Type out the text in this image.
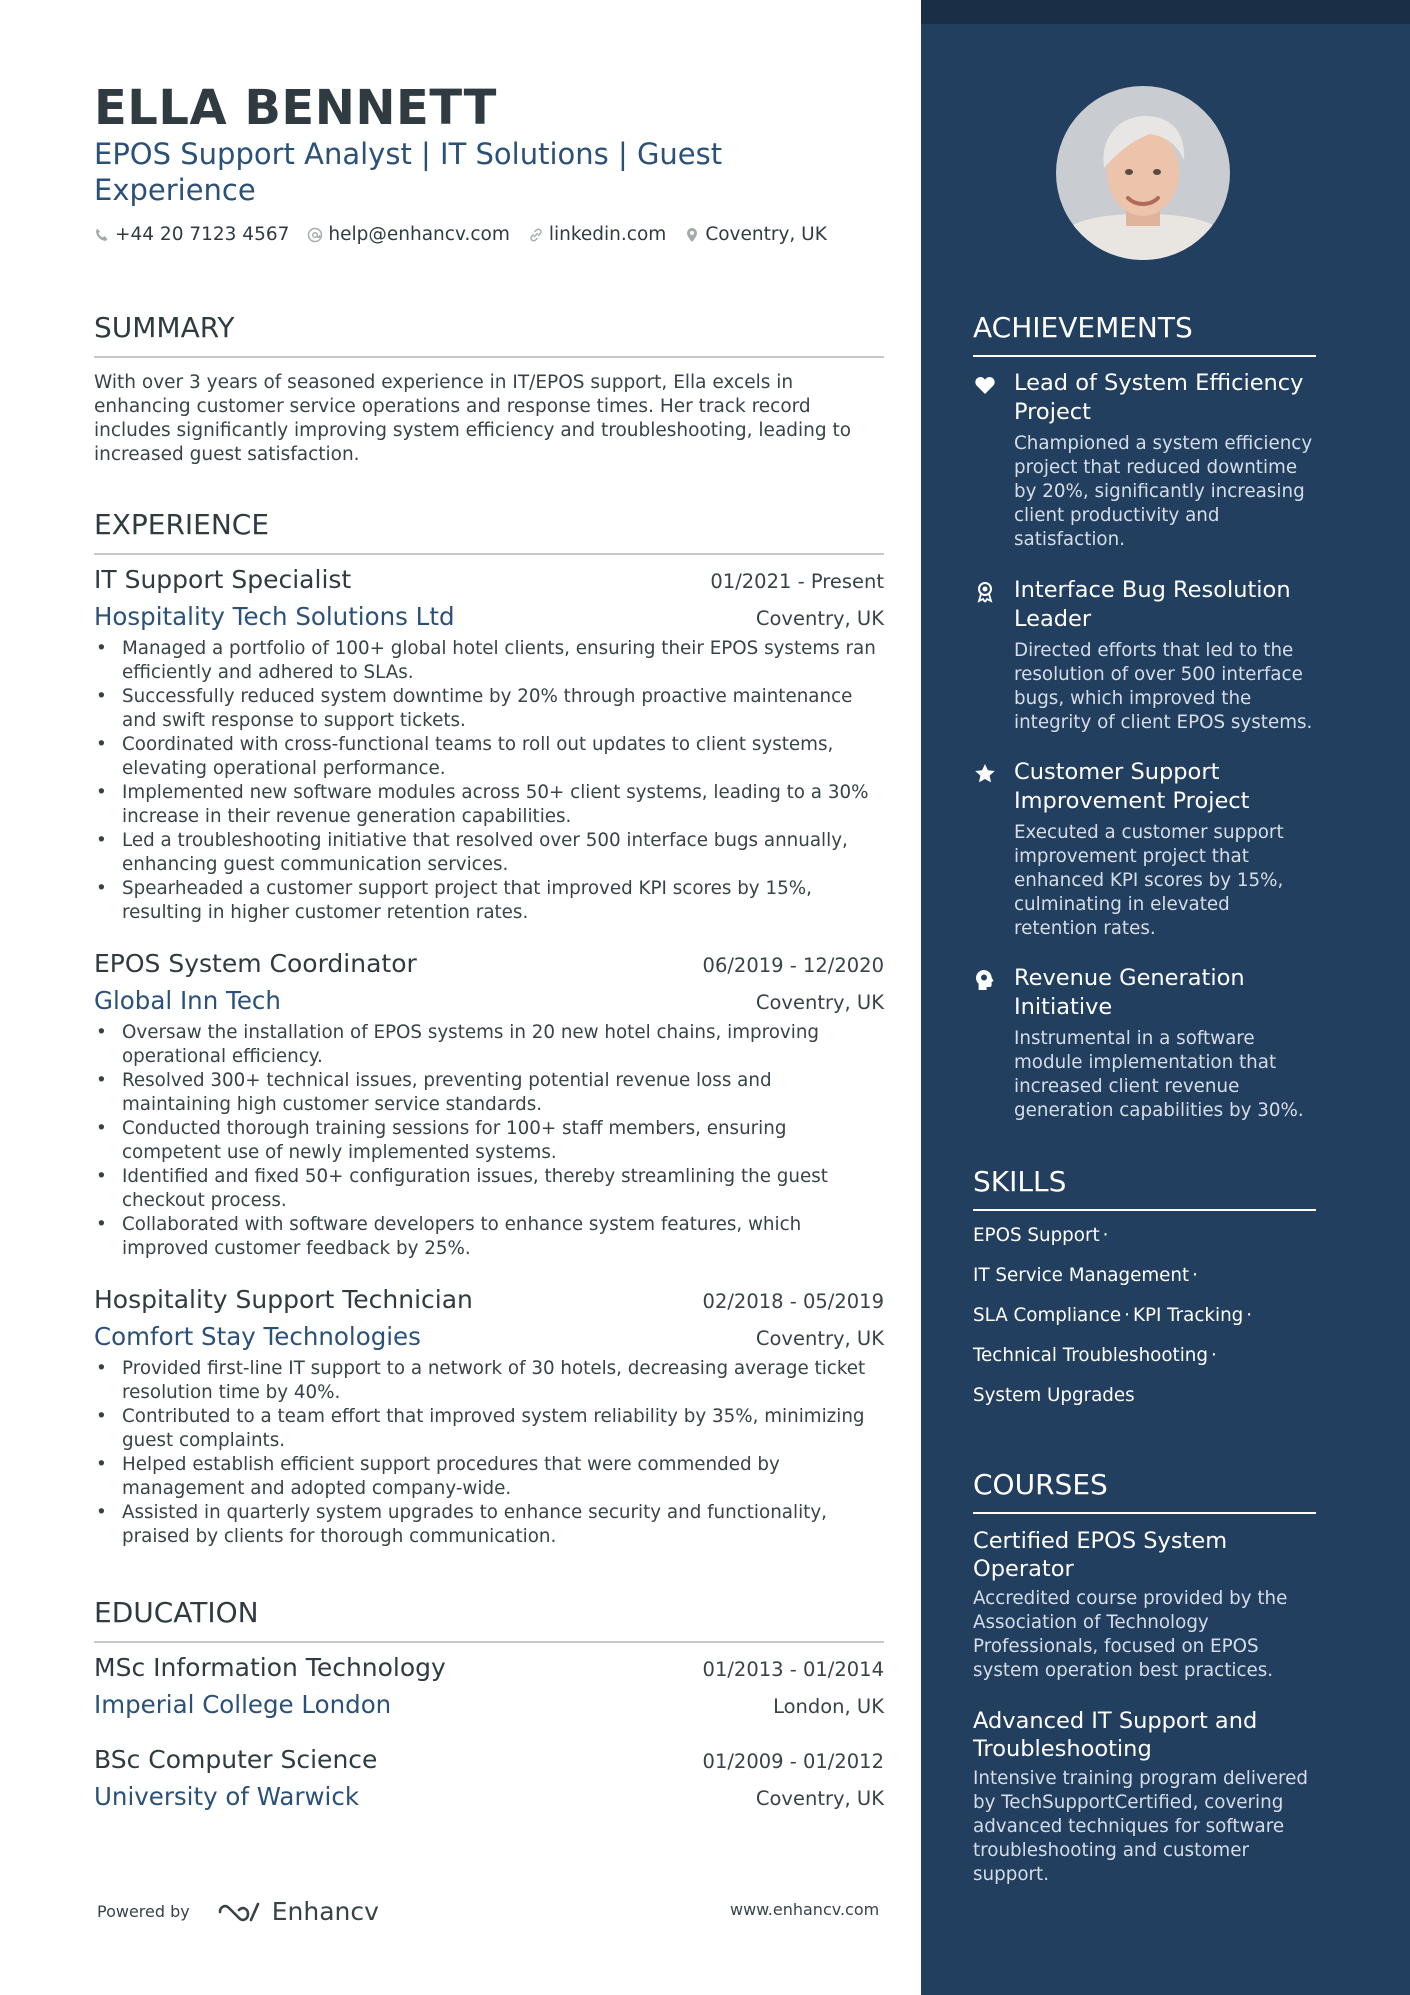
ELLA BENNETT
EPOS Support Analyst | IT Solutions | Guest Experience
+44 20 7123 4567 help@enhancv.com linkedin.com Coventry, UK
SUMMARY
With over 3 years of seasoned experience in IT/EPOS support, Ella excels in enhancing customer service operations and response times. Her track record includes significantly improving system efficiency and troubleshooting, leading to increased guest satisfaction.
EXPERIENCE
IT Support Specialist	01/2021 - Present
Hospitality Tech Solutions Ltd	Coventry, UK
• Managed a portfolio of 100+ global hotel clients, ensuring their EPOS systems ran efficiently and adhered to SLAs.
• Successfully reduced system downtime by 20% through proactive maintenance and swift response to support tickets.
• Coordinated with cross-functional teams to roll out updates to client systems, elevating operational performance.
• Implemented new software modules across 50+ client systems, leading to a 30% increase in their revenue generation capabilities.
• Led a troubleshooting initiative that resolved over 500 interface bugs annually, enhancing guest communication services.
• Spearheaded a customer support project that improved KPI scores by 15%, resulting in higher customer retention rates.
EPOS System Coordinator	06/2019 - 12/2020
Global Inn Tech	Coventry, UK
• Oversaw the installation of EPOS systems in 20 new hotel chains, improving operational efficiency.
• Resolved 300+ technical issues, preventing potential revenue loss and maintaining high customer service standards.
• Conducted thorough training sessions for 100+ staff members, ensuring competent use of newly implemented systems.
• Identified and fixed 50+ configuration issues, thereby streamlining the guest checkout process.
• Collaborated with software developers to enhance system features, which improved customer feedback by 25%.
Hospitality Support Technician	02/2018 - 05/2019
Comfort Stay Technologies	Coventry, UK
• Provided first-line IT support to a network of 30 hotels, decreasing average ticket resolution time by 40%.
• Contributed to a team effort that improved system reliability by 35%, minimizing guest complaints.
• Helped establish efficient support procedures that were commended by management and adopted company-wide.
• Assisted in quarterly system upgrades to enhance security and functionality, praised by clients for thorough communication.
EDUCATION
MSc Information Technology	01/2013 - 01/2014
Imperial College London	London, UK
BSc Computer Science	01/2009 - 01/2012
University of Warwick	Coventry, UK
Powered by	Enhancv	www.enhancv.com
ACHIEVEMENTS
Lead of System Efficiency Project
Championed a system efficiency project that reduced downtime by 20%, significantly increasing client productivity and satisfaction.
Interface Bug Resolution Leader
Directed efforts that led to the resolution of over 500 interface bugs, which improved the integrity of client EPOS systems.
Customer Support Improvement Project
Executed a customer support improvement project that enhanced KPI scores by 15%, culminating in elevated retention rates.
Revenue Generation Initiative
Instrumental in a software module implementation that increased client revenue generation capabilities by 30%.
SKILLS
EPOS Support ·
IT Service Management ·
SLA Compliance · KPI Tracking ·
Technical Troubleshooting ·
System Upgrades
COURSES
Certified EPOS System Operator
Accredited course provided by the Association of Technology Professionals, focused on EPOS system operation best practices.
Advanced IT Support and Troubleshooting
Intensive training program delivered by TechSupportCertified, covering advanced techniques for software troubleshooting and customer support.
